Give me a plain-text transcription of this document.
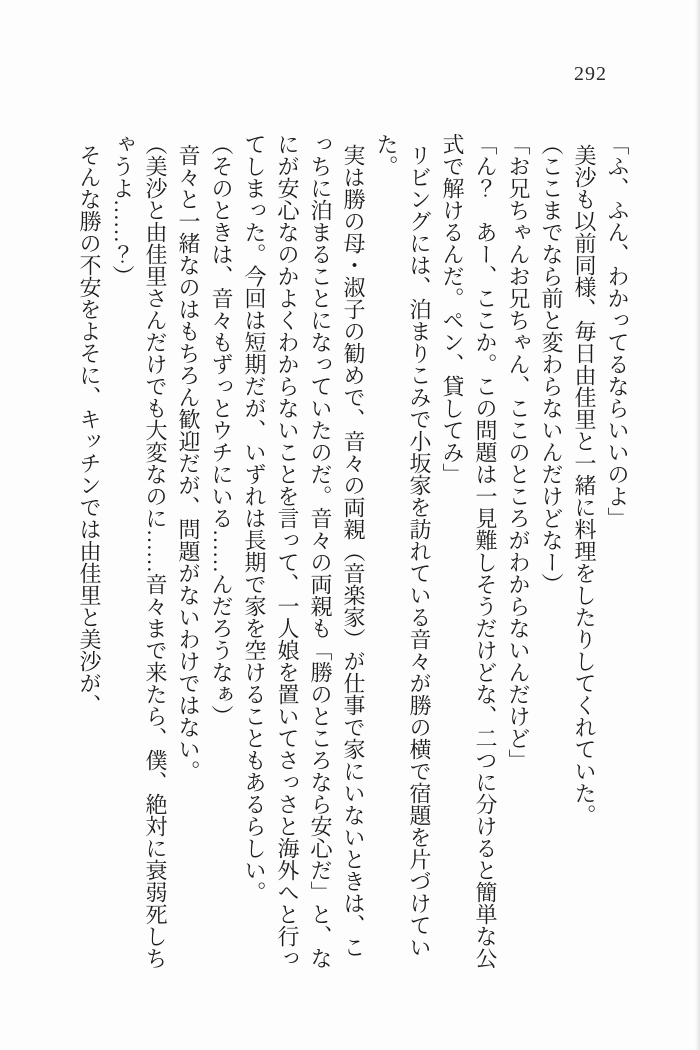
292

「ふ、ふん、わかってるならいいのよ」

美沙も以前同様、毎日由佳里と一緒に料理をしたりしてくれていた。

（ここまでなら前と変わらないんだけどなー）

「お兄ちゃんお兄ちゃん、ここのところがわからないんだけど」

「ん？　あー、ここか。この問題は一見難しそうだけどな、二つに分けると簡単な公式で解けるんだ。ペン、貸してみ」

リビングには、泊まりこみで小坂家を訪れている音々が勝の横で宿題を片づけていた。

実は勝の母・淑子の勧めで、音々の両親（音楽家）が仕事で家にいないときは、こっちに泊まることになっていたのだ。音々の両親も「勝のところなら安心だ」と、なにが安心なのかよくわからないことを言って、一人娘を置いてさっさと海外へと行ってしまった。今回は短期だが、いずれは長期で家を空けることもあるらしい。

（そのときは、音々もずっとウチにいる……んだろうなぁ）

音々と一緒なのはもちろん歓迎だが、問題がないわけではない。

（美沙と由佳里さんだけでも大変なのに……音々まで来たら、僕、絶対に衰弱死しちゃうよ……？）

そんな勝の不安をよそに、キッチンでは由佳里と美沙が、
